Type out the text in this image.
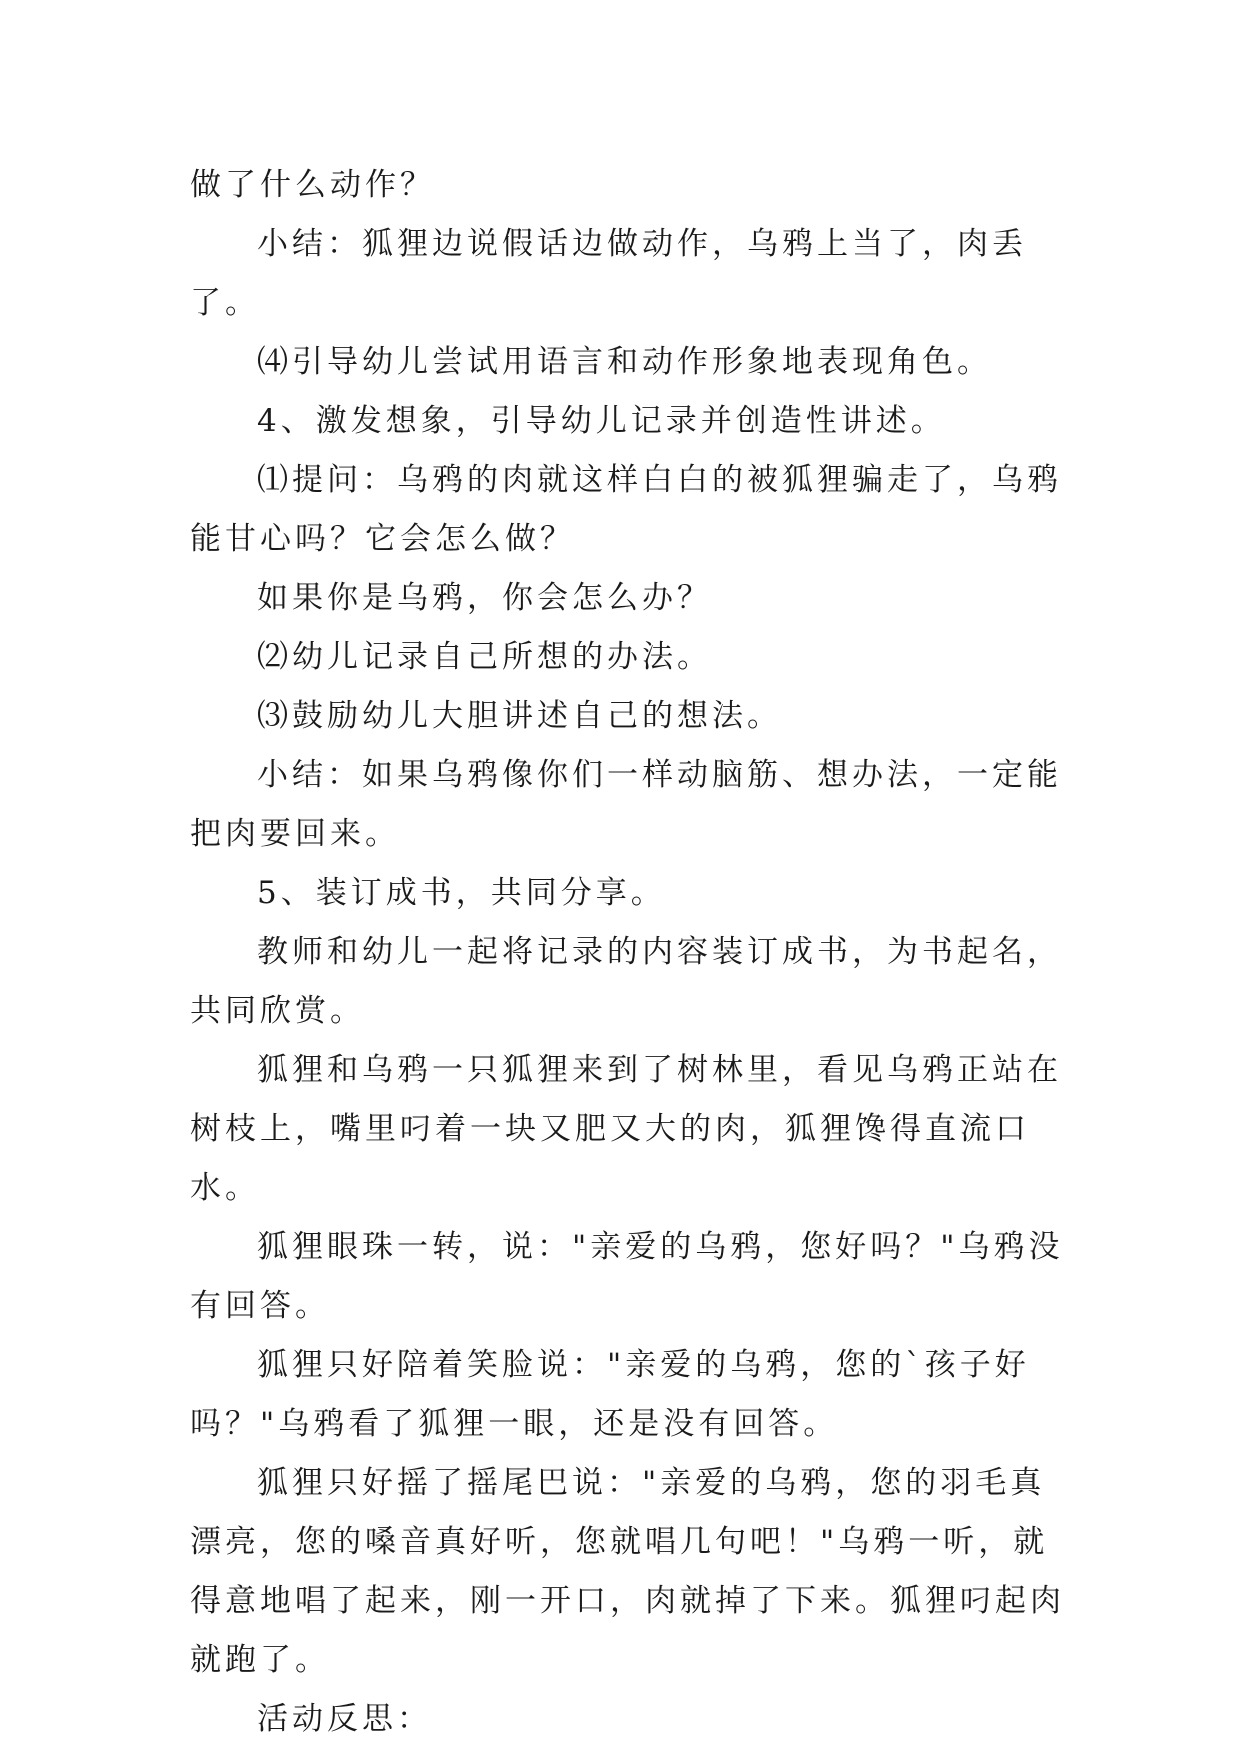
做了什么动作？

小结：狐狸边说假话边做动作，乌鸦上当了，肉丢了。

⑷引导幼儿尝试用语言和动作形象地表现角色。

4、激发想象，引导幼儿记录并创造性讲述。

⑴提问：乌鸦的肉就这样白白的被狐狸骗走了，乌鸦能甘心吗？它会怎么做？

如果你是乌鸦，你会怎么办？

⑵幼儿记录自己所想的办法。

⑶鼓励幼儿大胆讲述自己的想法。

小结：如果乌鸦像你们一样动脑筋、想办法，一定能把肉要回来。

5、装订成书，共同分享。

教师和幼儿一起将记录的内容装订成书，为书起名，共同欣赏。

狐狸和乌鸦一只狐狸来到了树林里，看见乌鸦正站在树枝上，嘴里叼着一块又肥又大的肉，狐狸馋得直流口水。

狐狸眼珠一转，说："亲爱的乌鸦，您好吗？"乌鸦没有回答。

狐狸只好陪着笑脸说："亲爱的乌鸦，您的`孩子好吗？"乌鸦看了狐狸一眼，还是没有回答。

狐狸只好摇了摇尾巴说："亲爱的乌鸦，您的羽毛真漂亮，您的嗓音真好听，您就唱几句吧！"乌鸦一听，就得意地唱了起来，刚一开口，肉就掉了下来。狐狸叼起肉就跑了。

活动反思：
